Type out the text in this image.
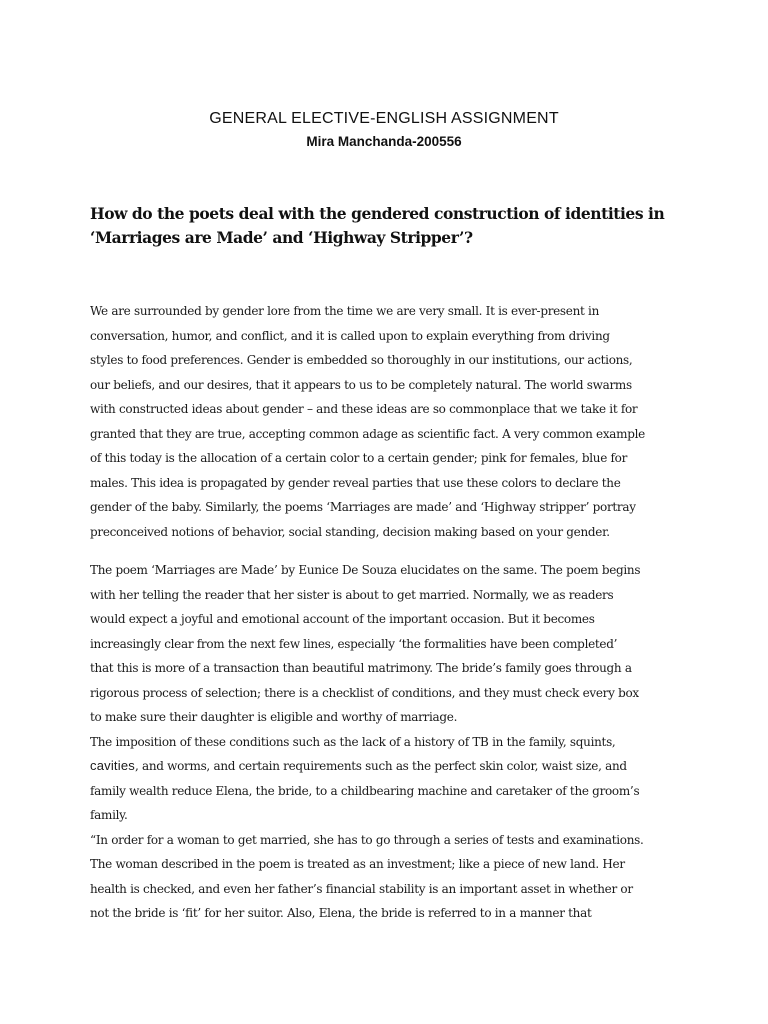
GENERAL ELECTIVE-ENGLISH ASSIGNMENT
Mira Manchanda-200556
How do the poets deal with the gendered construction of identities in
‘Marriages are Made’ and ‘Highway Stripper’?

We are surrounded by gender lore from the time we are very small. It is ever-present in
conversation, humor, and conflict, and it is called upon to explain everything from driving
styles to food preferences. Gender is embedded so thoroughly in our institutions, our actions,
our beliefs, and our desires, that it appears to us to be completely natural. The world swarms
with constructed ideas about gender – and these ideas are so commonplace that we take it for
granted that they are true, accepting common adage as scientific fact. A very common example
of this today is the allocation of a certain color to a certain gender; pink for females, blue for
males. This idea is propagated by gender reveal parties that use these colors to declare the
gender of the baby. Similarly, the poems ‘Marriages are made’ and ‘Highway stripper’ portray
preconceived notions of behavior, social standing, decision making based on your gender.

The poem ‘Marriages are Made’ by Eunice De Souza elucidates on the same. The poem begins
with her telling the reader that her sister is about to get married. Normally, we as readers
would expect a joyful and emotional account of the important occasion. But it becomes
increasingly clear from the next few lines, especially ‘the formalities have been completed’
that this is more of a transaction than beautiful matrimony. The bride’s family goes through a
rigorous process of selection; there is a checklist of conditions, and they must check every box
to make sure their daughter is eligible and worthy of marriage.

The imposition of these conditions such as the lack of a history of TB in the family, squints,
cavities, and worms, and certain requirements such as the perfect skin color, waist size, and
family wealth reduce Elena, the bride, to a childbearing machine and caretaker of the groom’s
family.

“In order for a woman to get married, she has to go through a series of tests and examinations.
The woman described in the poem is treated as an investment; like a piece of new land. Her
health is checked, and even her father’s financial stability is an important asset in whether or
not the bride is ‘fit’ for her suitor. Also, Elena, the bride is referred to in a manner that
